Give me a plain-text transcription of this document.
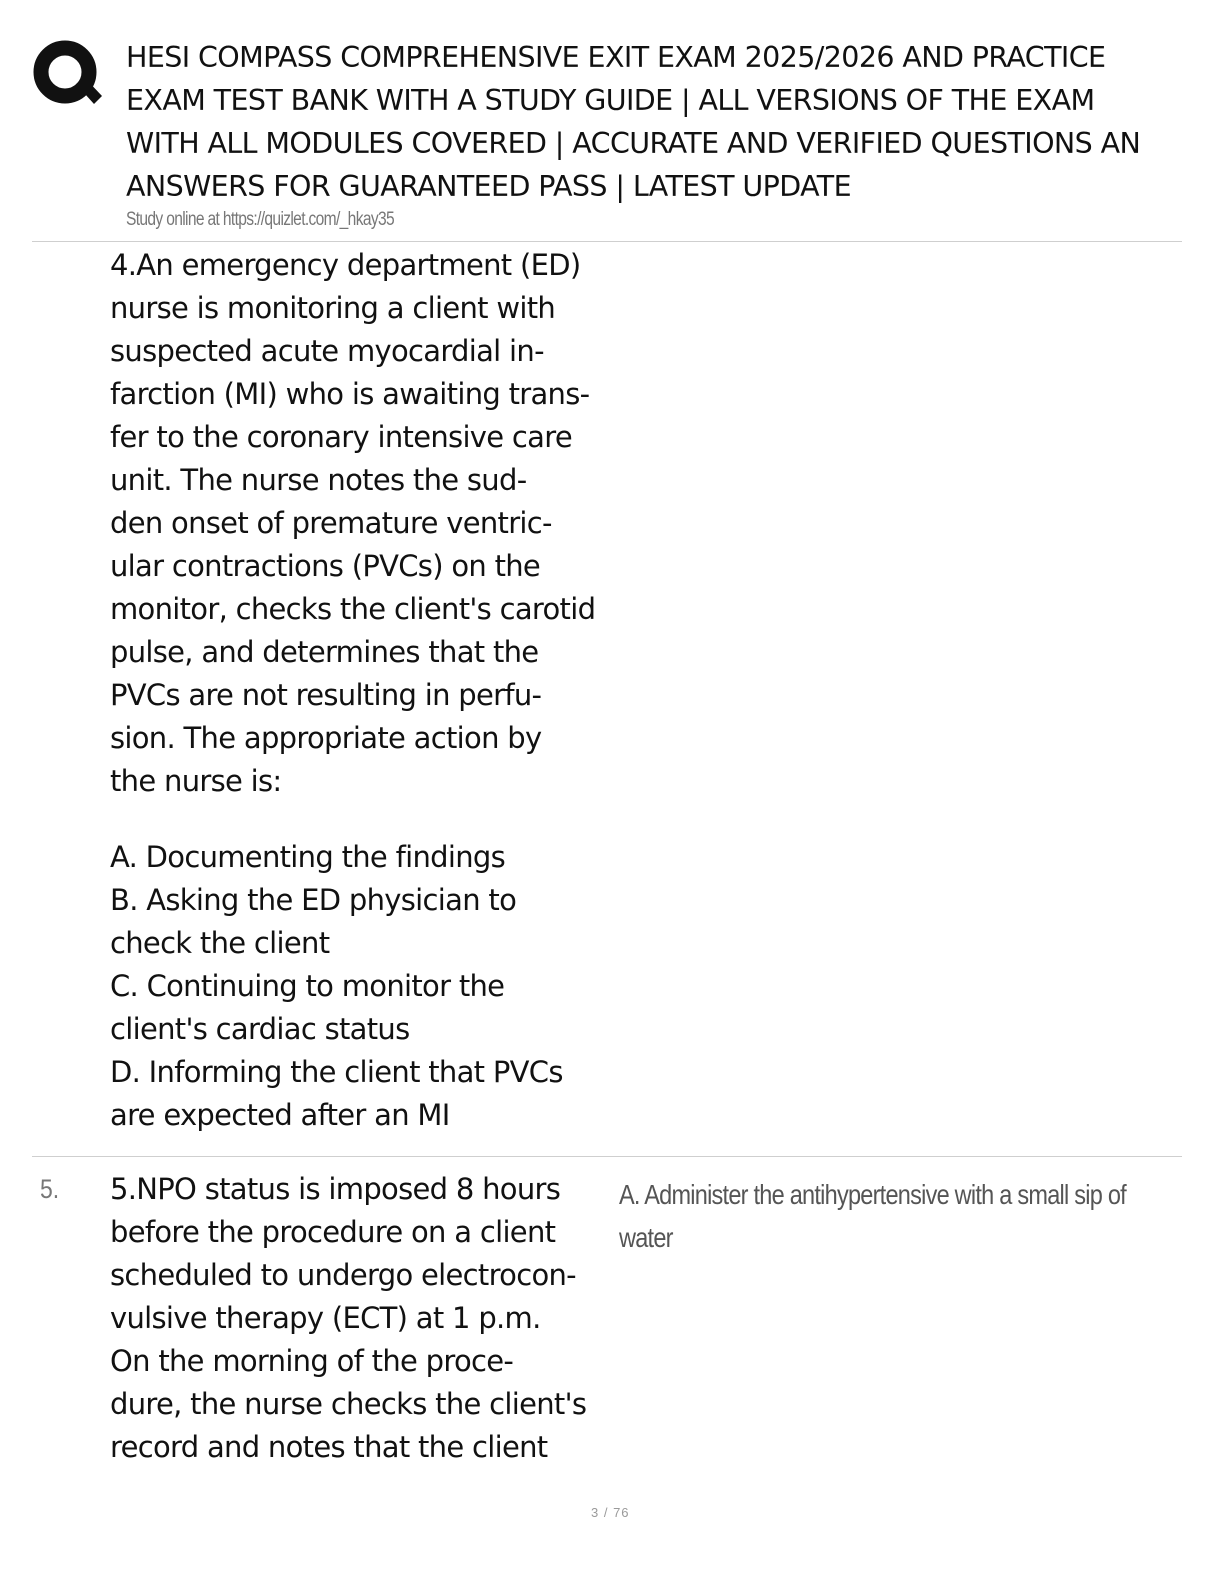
HESI COMPASS COMPREHENSIVE EXIT EXAM 2025/2026 AND PRACTICE
EXAM TEST BANK WITH A STUDY GUIDE | ALL VERSIONS OF THE EXAM
WITH ALL MODULES COVERED | ACCURATE AND VERIFIED QUESTIONS AN
ANSWERS FOR GUARANTEED PASS | LATEST UPDATE
Study online at https://quizlet.com/_hkay35
4.An emergency department (ED)
nurse is monitoring a client with
suspected acute myocardial in-
farction (MI) who is awaiting trans-
fer to the coronary intensive care
unit. The nurse notes the sud-
den onset of premature ventric-
ular contractions (PVCs) on the
monitor, checks the client's carotid
pulse, and determines that the
PVCs are not resulting in perfu-
sion. The appropriate action by
the nurse is:
A. Documenting the findings
B. Asking the ED physician to
check the client
C. Continuing to monitor the
client's cardiac status
D. Informing the client that PVCs
are expected after an MI
5. 5.NPO status is imposed 8 hours
before the procedure on a client
scheduled to undergo electrocon-
vulsive therapy (ECT) at 1 p.m.
On the morning of the proce-
dure, the nurse checks the client's
record and notes that the client
A. Administer the antihypertensive with a small sip of
water
3 / 76
